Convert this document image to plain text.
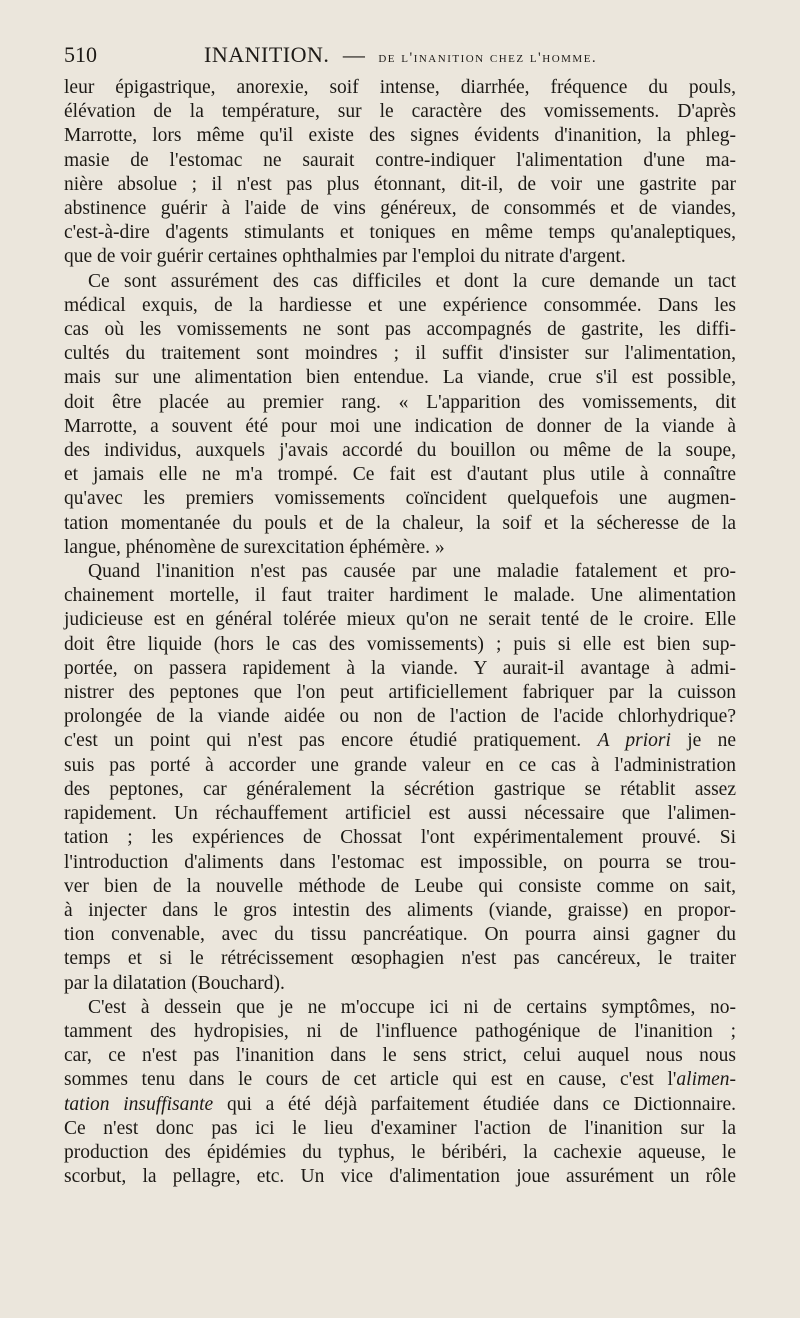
510	INANITION. — de l'inanition chez l'homme.

leur épigastrique, anorexie, soif intense, diarrhée, fréquence du pouls,
élévation de la température, sur le caractère des vomissements. D'après
Marrotte, lors même qu'il existe des signes évidents d'inanition, la phleg-
masie de l'estomac ne saurait contre-indiquer l'alimentation d'une ma-
nière absolue ; il n'est pas plus étonnant, dit-il, de voir une gastrite par
abstinence guérir à l'aide de vins généreux, de consommés et de viandes,
c'est-à-dire d'agents stimulants et toniques en même temps qu'analeptiques,
que de voir guérir certaines ophthalmies par l'emploi du nitrate d'argent.

Ce sont assurément des cas difficiles et dont la cure demande un tact
médical exquis, de la hardiesse et une expérience consommée. Dans les
cas où les vomissements ne sont pas accompagnés de gastrite, les diffi-
cultés du traitement sont moindres ; il suffit d'insister sur l'alimentation,
mais sur une alimentation bien entendue. La viande, crue s'il est possible,
doit être placée au premier rang. « L'apparition des vomissements, dit
Marrotte, a souvent été pour moi une indication de donner de la viande à
des individus, auxquels j'avais accordé du bouillon ou même de la soupe,
et jamais elle ne m'a trompé. Ce fait est d'autant plus utile à connaître
qu'avec les premiers vomissements coïncident quelquefois une augmen-
tation momentanée du pouls et de la chaleur, la soif et la sécheresse de la
langue, phénomène de surexcitation éphémère. »

Quand l'inanition n'est pas causée par une maladie fatalement et pro-
chainement mortelle, il faut traiter hardiment le malade. Une alimentation
judicieuse est en général tolérée mieux qu'on ne serait tenté de le croire. Elle
doit être liquide (hors le cas des vomissements) ; puis si elle est bien sup-
portée, on passera rapidement à la viande. Y aurait-il avantage à admi-
nistrer des peptones que l'on peut artificiellement fabriquer par la cuisson
prolongée de la viande aidée ou non de l'action de l'acide chlorhydrique?
c'est un point qui n'est pas encore étudié pratiquement. A priori je ne
suis pas porté à accorder une grande valeur en ce cas à l'administration
des peptones, car généralement la sécrétion gastrique se rétablit assez
rapidement. Un réchauffement artificiel est aussi nécessaire que l'alimen-
tation ; les expériences de Chossat l'ont expérimentalement prouvé. Si
l'introduction d'aliments dans l'estomac est impossible, on pourra se trou-
ver bien de la nouvelle méthode de Leube qui consiste comme on sait,
à injecter dans le gros intestin des aliments (viande, graisse) en propor-
tion convenable, avec du tissu pancréatique. On pourra ainsi gagner du
temps et si le rétrécissement œsophagien n'est pas cancéreux, le traiter
par la dilatation (Bouchard).

C'est à dessein que je ne m'occupe ici ni de certains symptômes, no-
tamment des hydropisies, ni de l'influence pathogénique de l'inanition ;
car, ce n'est pas l'inanition dans le sens strict, celui auquel nous nous
sommes tenu dans le cours de cet article qui est en cause, c'est l'alimen-
tation insuffisante qui a été déjà parfaitement étudiée dans ce Dictionnaire.
Ce n'est donc pas ici le lieu d'examiner l'action de l'inanition sur la
production des épidémies du typhus, le béribéri, la cachexie aqueuse, le
scorbut, la pellagre, etc. Un vice d'alimentation joue assurément un rôle
